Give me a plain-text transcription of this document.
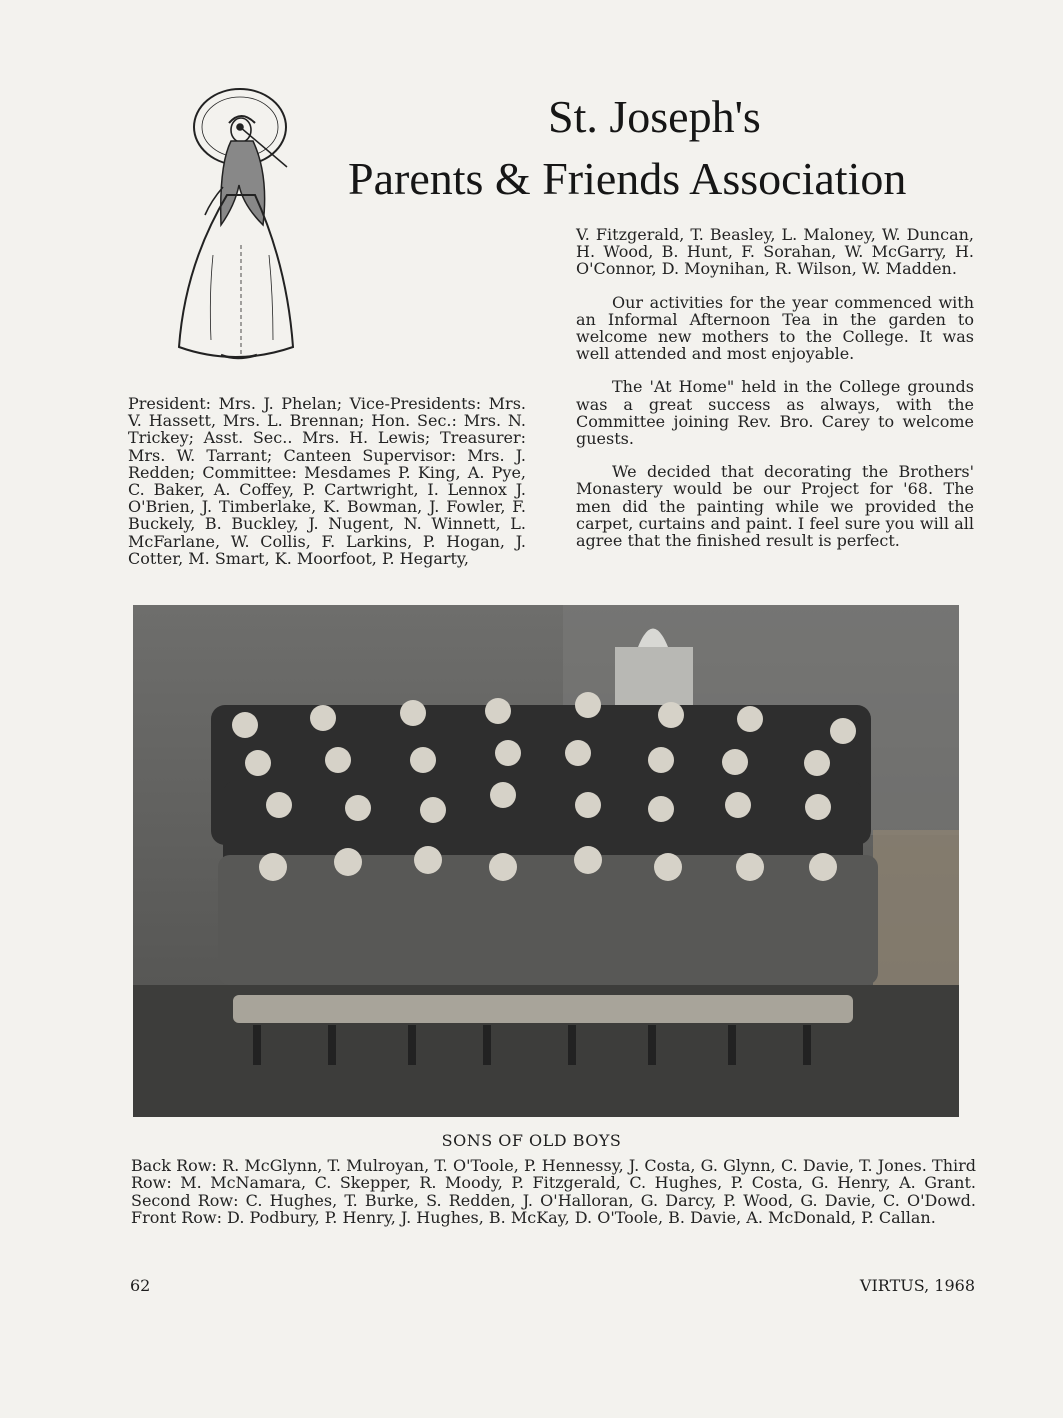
St. Joseph's
Parents & Friends Association

President: Mrs. J. Phelan; Vice-Presidents: Mrs. V. Hassett, Mrs. L. Brennan; Hon. Sec.: Mrs. N. Trickey; Asst. Sec.. Mrs. H. Lewis; Treasurer: Mrs. W. Tarrant; Canteen Supervisor: Mrs. J. Redden; Committee: Mesdames P. King, A. Pye, C. Baker, A. Coffey, P. Cartwright, I. Lennox J. O'Brien, J. Timberlake, K. Bowman, J. Fowler, F. Buckely, B. Buckley, J. Nugent, N. Winnett, L. McFarlane, W. Collis, F. Larkins, P. Hogan, J. Cotter, M. Smart, K. Moorfoot, P. Hegarty,

V. Fitzgerald, T. Beasley, L. Maloney, W. Duncan, H. Wood, B. Hunt, F. Sorahan, W. McGarry, H. O'Connor, D. Moynihan, R. Wilson, W. Madden.

Our activities for the year commenced with an Informal Afternoon Tea in the garden to welcome new mothers to the College. It was well attended and most enjoyable.

The 'At Home" held in the College grounds was a great success as always, with the Committee joining Rev. Bro. Carey to welcome guests.

We decided that decorating the Brothers' Monastery would be our Project for '68. The men did the painting while we provided the carpet, curtains and paint. I feel sure you will all agree that the finished result is perfect.

SONS OF OLD BOYS
Back Row: R. McGlynn, T. Mulroyan, T. O'Toole, P. Hennessy, J. Costa, G. Glynn, C. Davie, T. Jones. Third Row: M. McNamara, C. Skepper, R. Moody, P. Fitzgerald, C. Hughes, P. Costa, G. Henry, A. Grant. Second Row: C. Hughes, T. Burke, S. Redden, J. O'Halloran, G. Darcy, P. Wood, G. Davie, C. O'Dowd. Front Row: D. Podbury, P. Henry, J. Hughes, B. McKay, D. O'Toole, B. Davie, A. McDonald, P. Callan.
62	VIRTUS, 1968
